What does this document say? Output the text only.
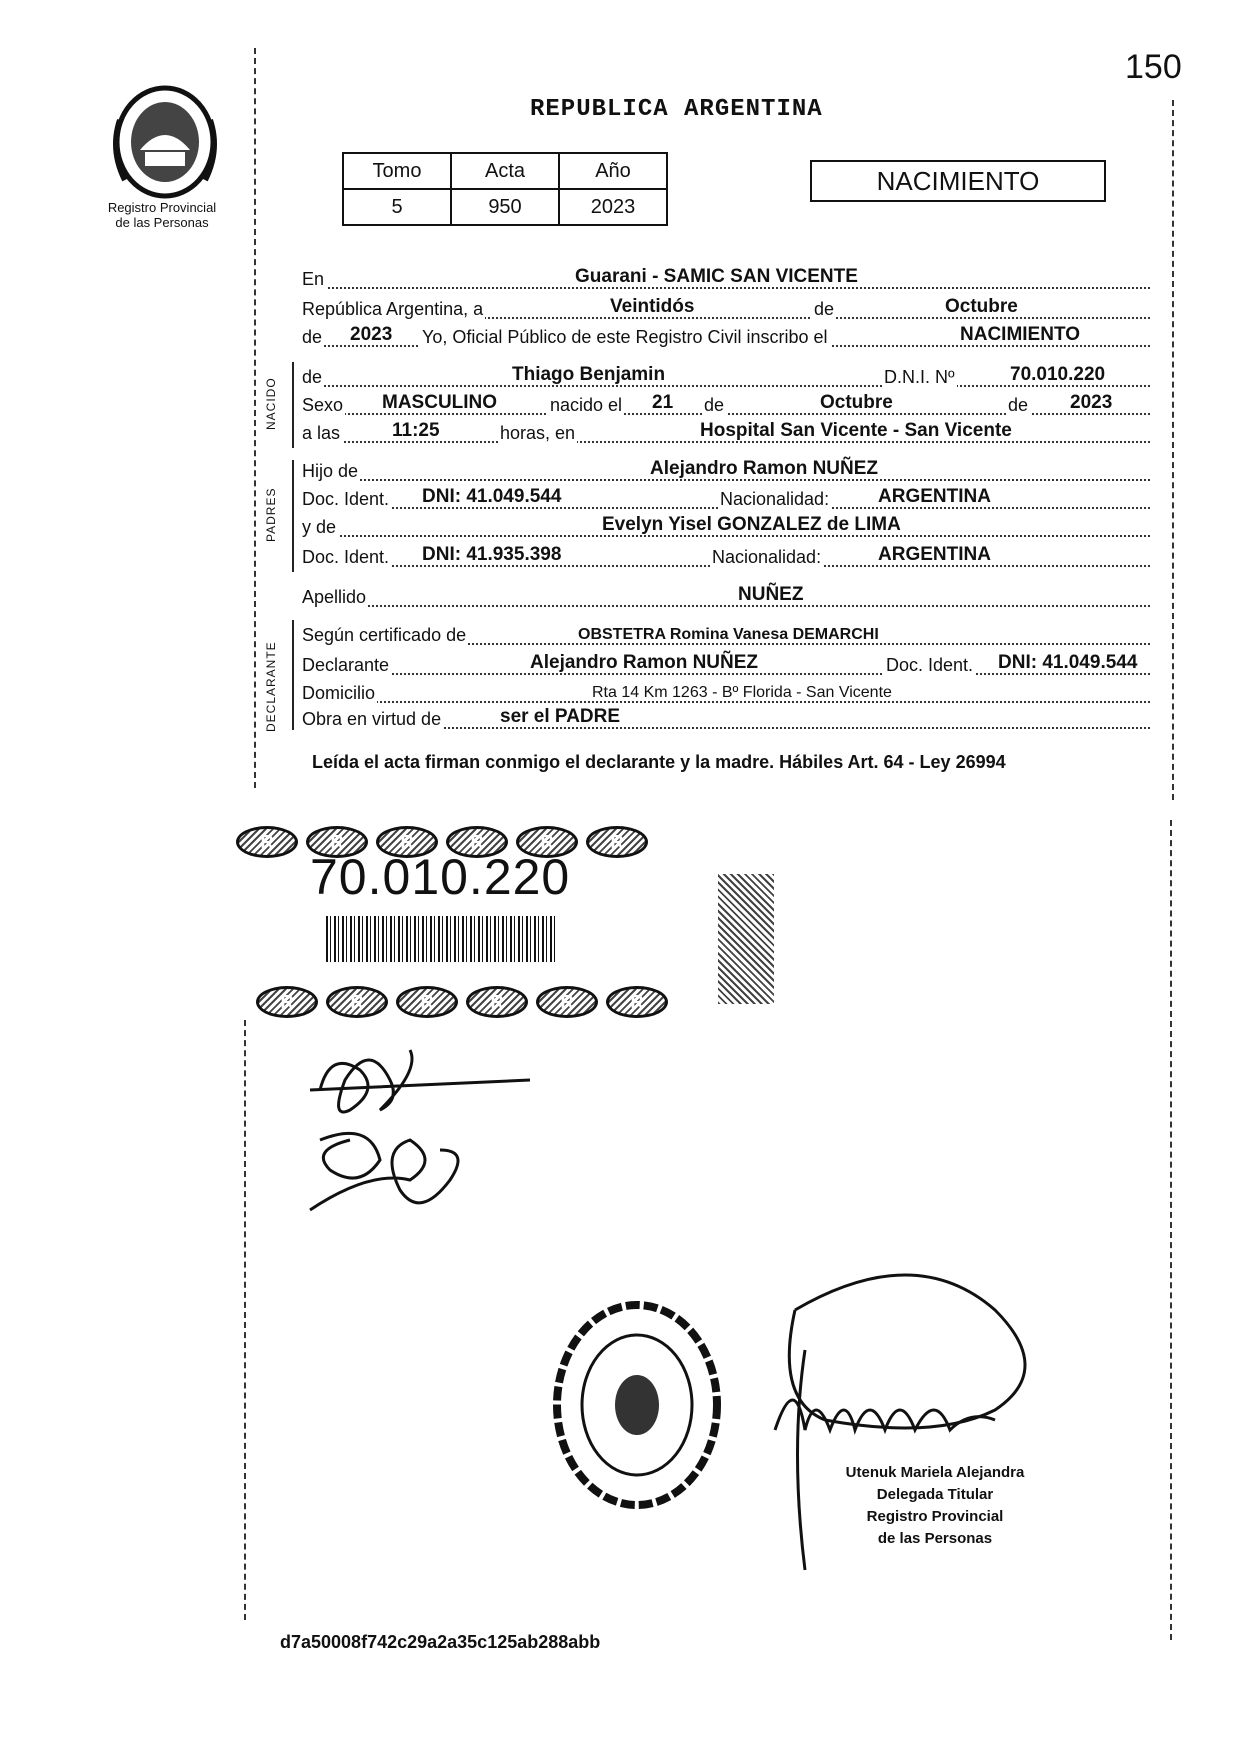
150
REPUBLICA ARGENTINA
Registro Provincial
de las Personas
Tomo	Acta	Año
5	950	2023
NACIMIENTO
En	Guarani - SAMIC SAN VICENTE
República Argentina, a	Veintidós	de	Octubre
de 2023 Yo, Oficial Público de este Registro Civil inscribo el	NACIMIENTO
de	Thiago Benjamin	D.N.I. Nº	70.010.220
Sexo MASCULINO	nacido el 21 de	Octubre	de 2023
a las	11:25	horas, en	Hospital San Vicente - San Vicente
Hijo de	Alejandro Ramon NUÑEZ
Doc. Ident. DNI: 41.049.544	Nacionalidad:	ARGENTINA
y de	Evelyn Yisel GONZALEZ de LIMA
Doc. Ident. DNI: 41.935.398	Nacionalidad:	ARGENTINA
Apellido	NUÑEZ
Según certificado de	OBSTETRA Romina Vanesa DEMARCHI
Declarante	Alejandro Ramon NUÑEZ	Doc. Ident. DNI: 41.049.544
Domicilio	Rta 14 Km 1263 - Bº Florida - San Vicente
Obra en virtud de	ser el PADRE
NACIDO
PADRES
DECLARANTE
Leída el acta firman conmigo el declarante y la madre. Hábiles Art. 64 - Ley 26994
R	R	R	R	R	R
70.010.220
R	R	R	R	R	R
Utenuk Mariela Alejandra
Delegada Titular
Registro Provincial
de las Personas
d7a50008f742c29a2a35c125ab288abb
